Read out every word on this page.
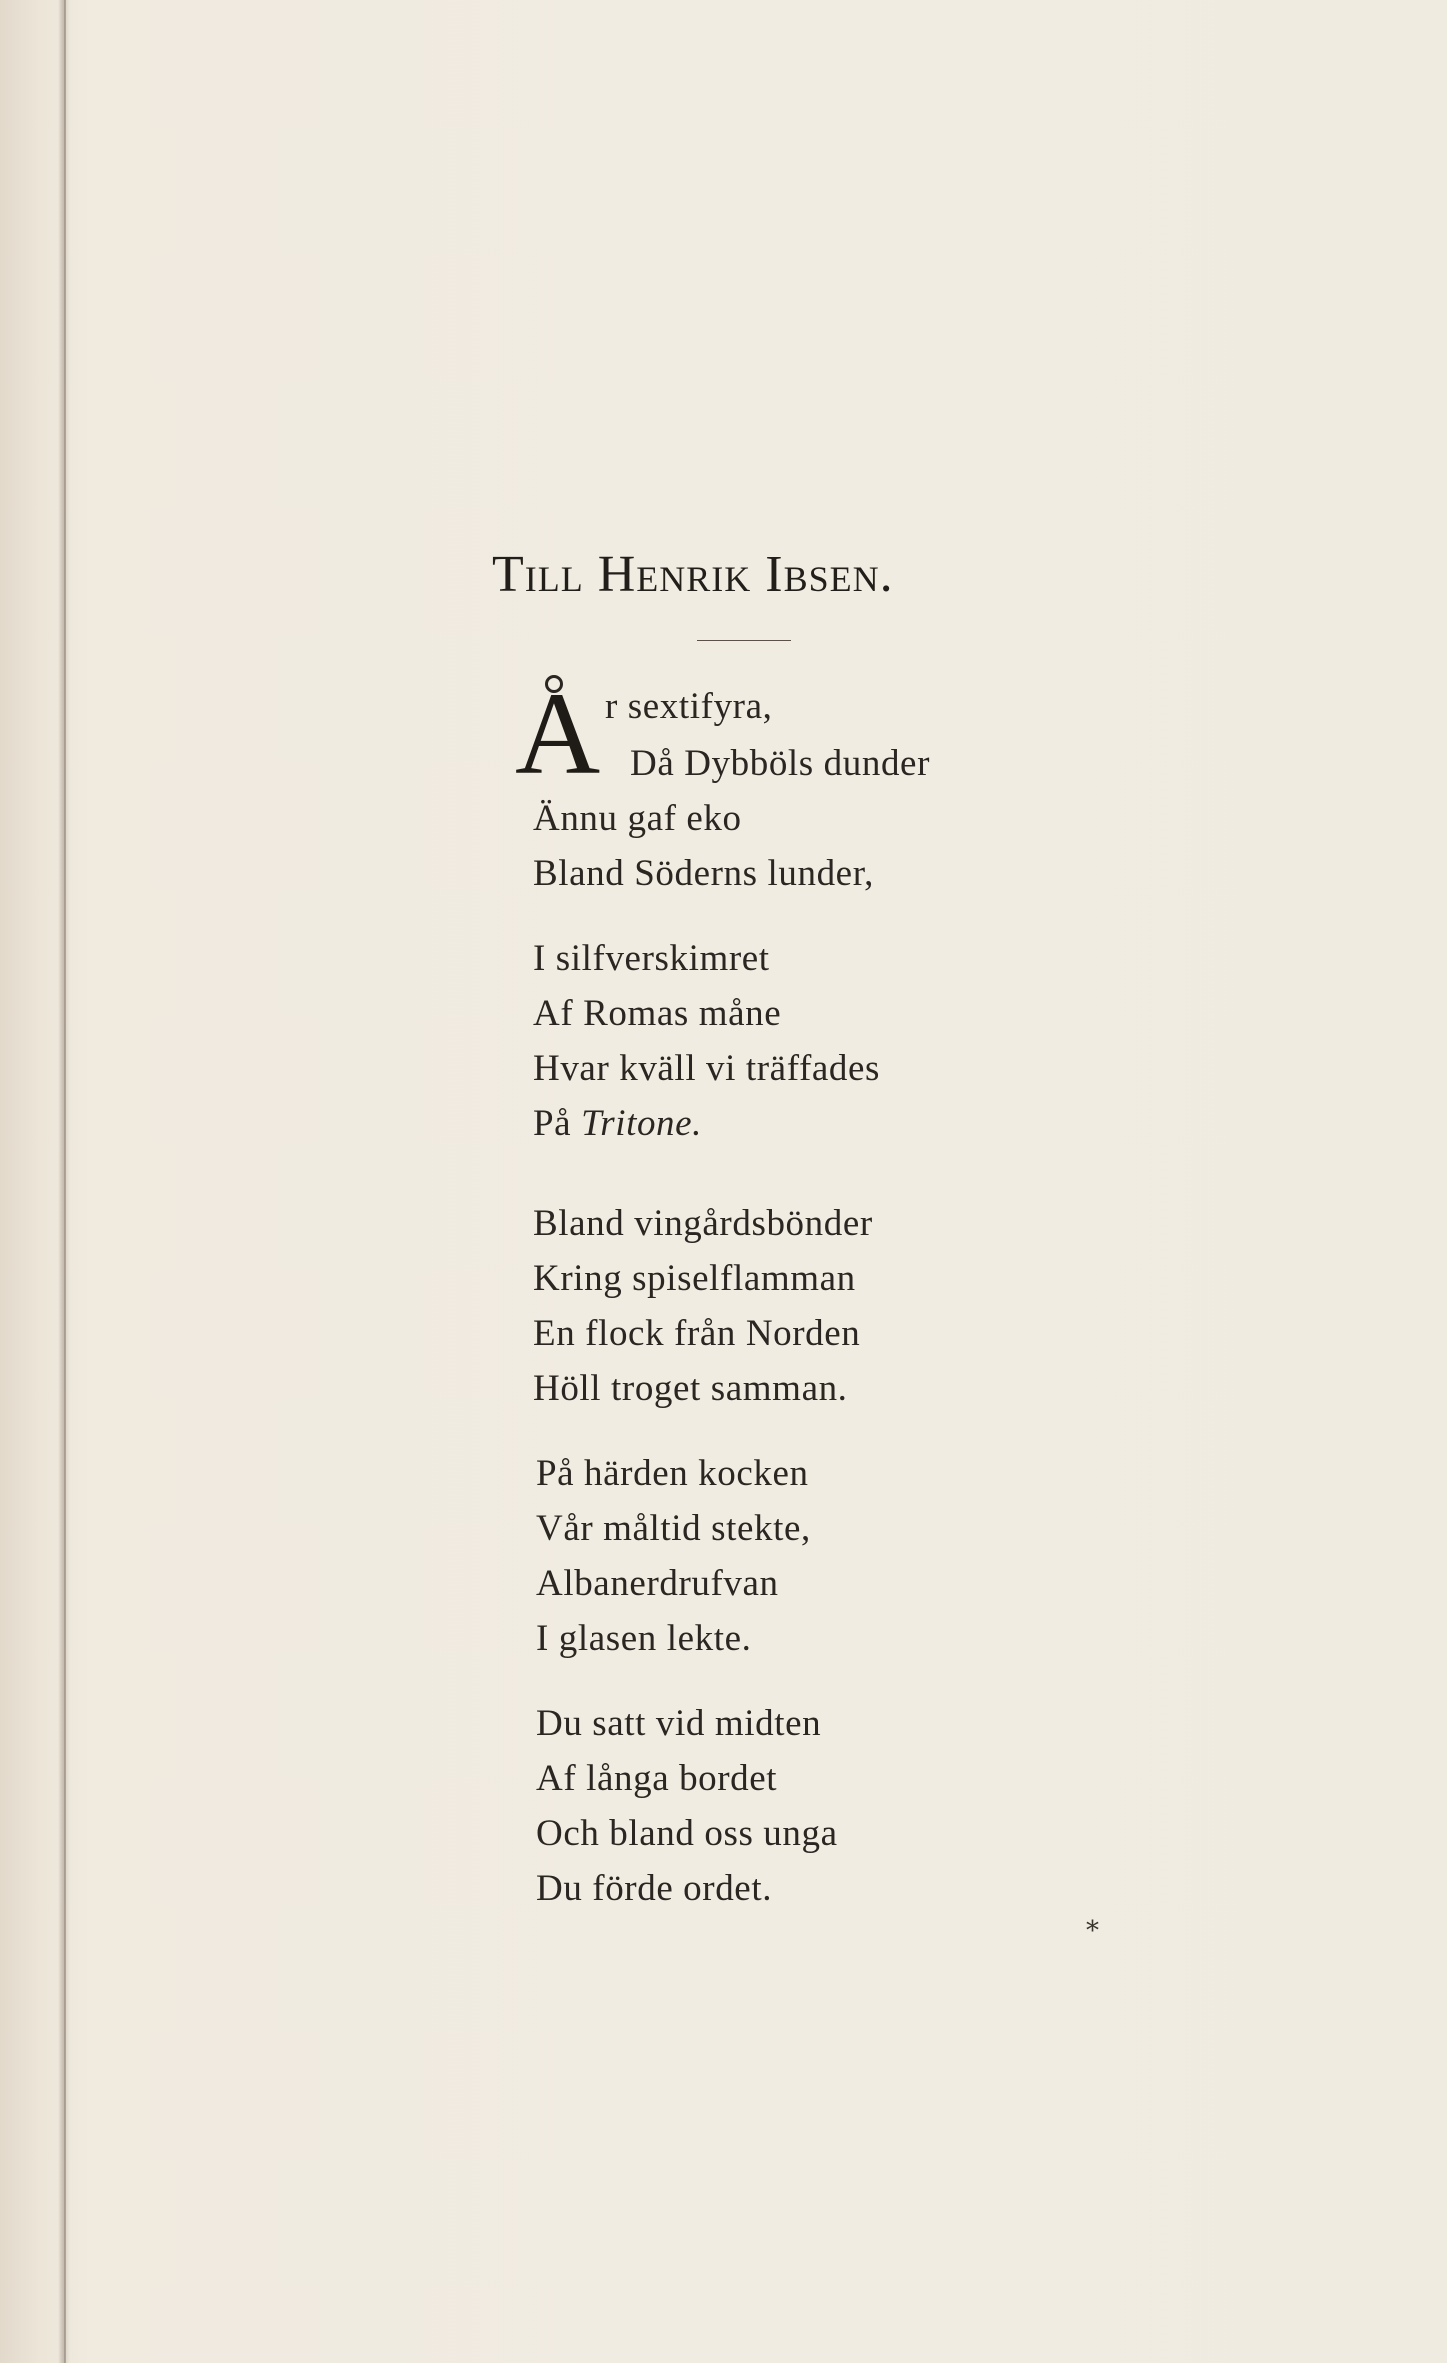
Till Henrik Ibsen.
A r sextifyra,
Då Dybböls dunder
Ännu gaf eko
Bland Söderns lunder,
I silfverskimret
Af Romas måne
Hvar kväll vi träffades
På Tritone.
Bland vingårdsbönder
Kring spiselflamman
En flock från Norden
Höll troget samman.
På härden kocken
Vår måltid stekte,
Albanerdrufvan
I glasen lekte.
Du satt vid midten
Af långa bordet
Och bland oss unga
Du förde ordet.
*
